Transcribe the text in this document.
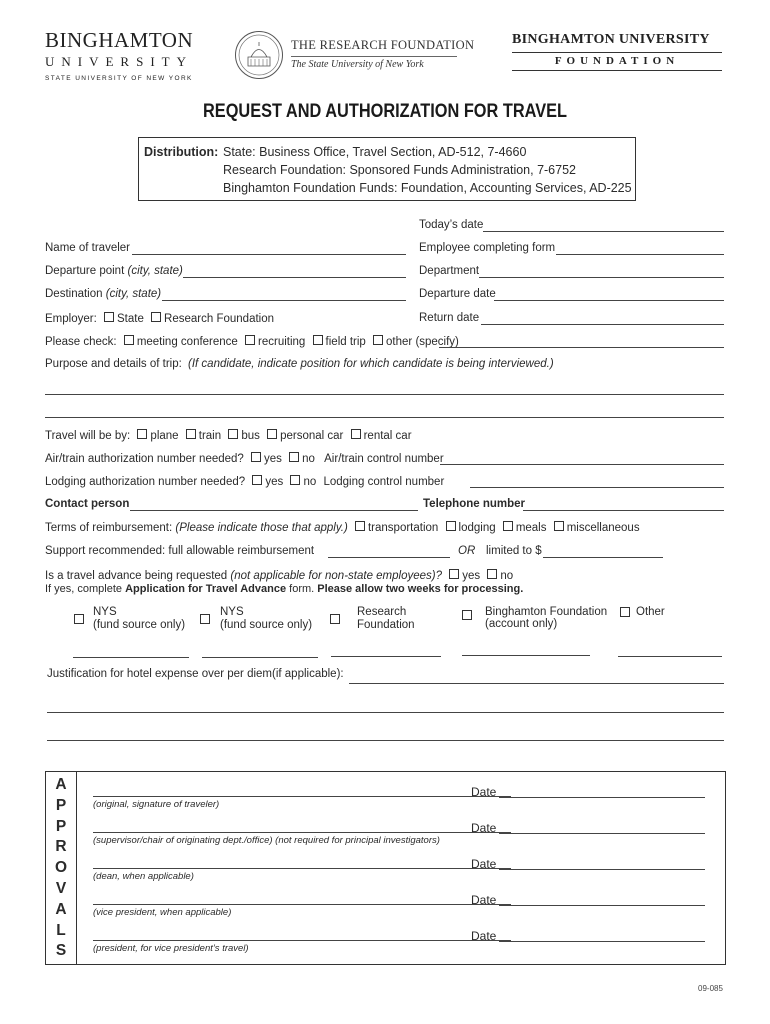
BINGHAMTON
UNIVERSITY
STATE UNIVERSITY OF NEW YORK
THE RESEARCH FOUNDATION
The State University of New York
BINGHAMTON UNIVERSITY
FOUNDATION
REQUEST AND AUTHORIZATION FOR TRAVEL
Distribution: State: Business Office, Travel Section, AD-512, 7-4660
Research Foundation: Sponsored Funds Administration, 7-6752
Binghamton Foundation Funds: Foundation, Accounting Services, AD-225
Today’s date
Name of traveler	Employee completing form
Departure point (city, state)	Department
Destination (city, state)	Departure date
Employer: State Research Foundation	Return date
Please check: meeting conference recruiting field trip other (specify)
Purpose and details of trip: (If candidate, indicate position for which candidate is being interviewed.)
Travel will be by: plane train bus personal car rental car
Air/train authorization number needed? yes no Air/train control number
Lodging authorization number needed? yes no Lodging control number
Contact person	Telephone number
Terms of reimbursement: (Please indicate those that apply.) transportation lodging meals miscellaneous
Support recommended: full allowable reimbursement	OR limited to $
Is a travel advance being requested (not applicable for non-state employees)? yes no
If yes, complete Application for Travel Advance form. Please allow two weeks for processing.
NYS
(fund source only)
NYS
(fund source only)
Research
Foundation
Binghamton Foundation
(account only)
Other
Justification for hotel expense over per diem(if applicable):
A
P
P
R
O
V
A
L
S
Date
(original, signature of traveler)
Date
(supervisor/chair of originating dept./office) (not required for principal investigators)
Date
(dean, when applicable)
Date
(vice president, when applicable)
Date
(president, for vice president’s travel)
09-085
